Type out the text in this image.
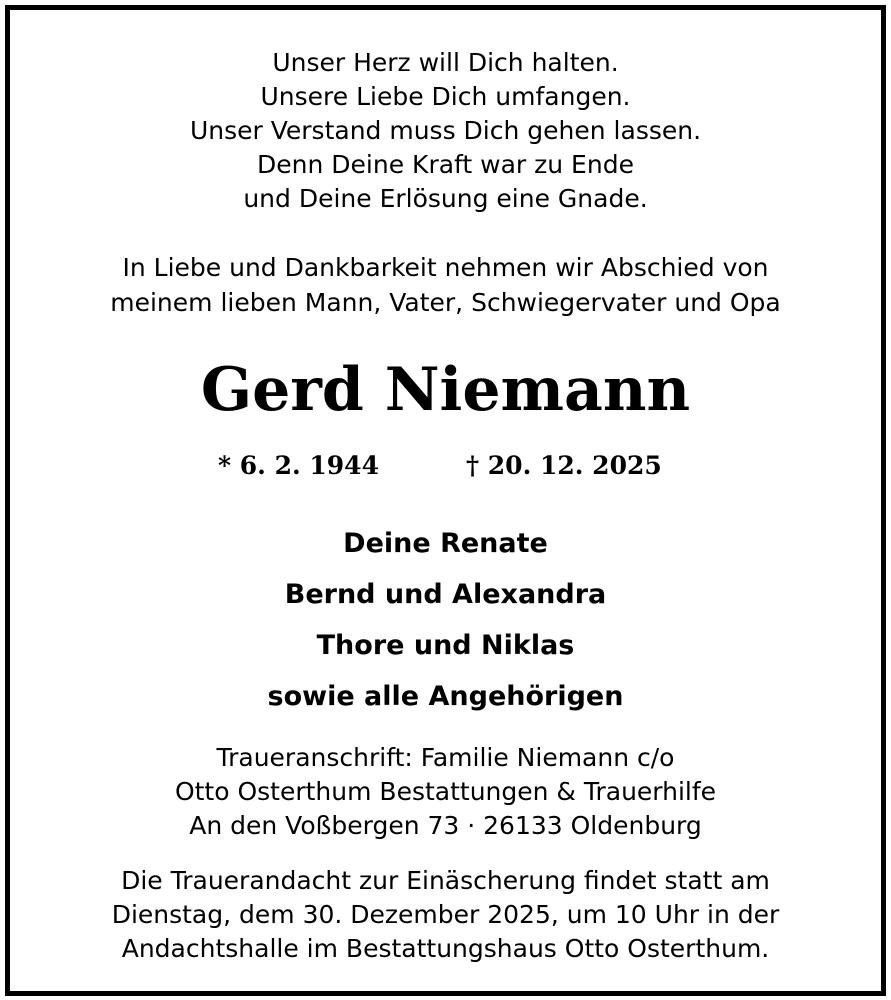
Unser Herz will Dich halten.
Unsere Liebe Dich umfangen.
Unser Verstand muss Dich gehen lassen.
Denn Deine Kraft war zu Ende
und Deine Erlösung eine Gnade.
In Liebe und Dankbarkeit nehmen wir Abschied von
meinem lieben Mann, Vater, Schwiegervater und Opa
Gerd Niemann
* 6. 2. 1944	† 20. 12. 2025
Deine Renate
Bernd und Alexandra
Thore und Niklas
sowie alle Angehörigen
Traueranschrift: Familie Niemann c/o
Otto Osterthum Bestattungen & Trauerhilfe
An den Voßbergen 73 · 26133 Oldenburg
Die Trauerandacht zur Einäscherung findet statt am
Dienstag, dem 30. Dezember 2025, um 10 Uhr in der
Andachtshalle im Bestattungshaus Otto Osterthum.
